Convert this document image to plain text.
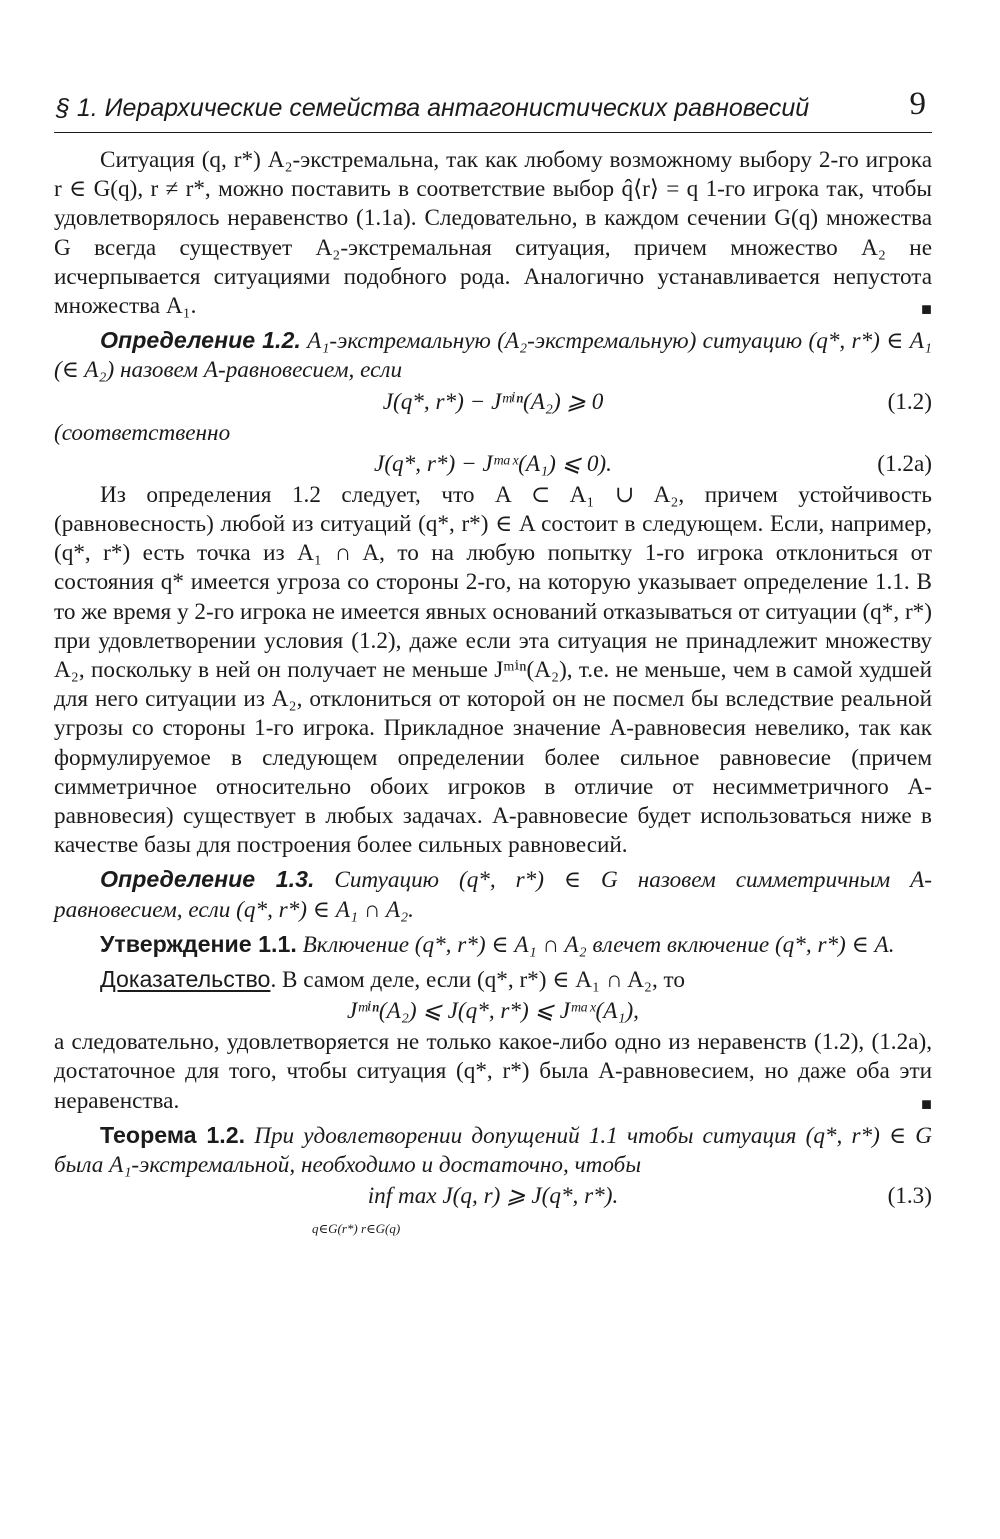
§ 1. Иерархические семейства антагонистических равновесий	9

Ситуация (q, r*) A₂-экстремальна, так как любому возможному выбору 2-го игрока r ∈ G(q), r ≠ r*, можно поставить в соответствие выбор q̂⟨r⟩ = q 1-го игрока так, чтобы удовлетворялось неравенство (1.1a). Следовательно, в каждом сечении G(q) множества G всегда существует A₂-экстремальная ситуация, причем множество A₂ не исчерпывается ситуациями подобного рода. Аналогично устанавливается непустота множества A₁. ■

Определение 1.2. A₁-экстремальную (A₂-экстремальную) ситуацию (q*, r*) ∈ A₁ (∈ A₂) назовем A-равновесием, если

J(q*, r*) − Jᵐⁱⁿ(A₂) ⩾ 0	(1.2)

(соответственно

J(q*, r*) − Jᵐᵃˣ(A₁) ⩽ 0).	(1.2a)

Из определения 1.2 следует, что A ⊂ A₁ ∪ A₂, причем устойчивость (равновесность) любой из ситуаций (q*, r*) ∈ A состоит в следующем. Если, например, (q*, r*) есть точка из A₁ ∩ A, то на любую попытку 1-го игрока отклониться от состояния q* имеется угроза со стороны 2-го, на которую указывает определение 1.1. В то же время у 2-го игрока не имеется явных оснований отказываться от ситуации (q*, r*) при удовлетворении условия (1.2), даже если эта ситуация не принадлежит множеству A₂, поскольку в ней он получает не меньше Jᵐⁱⁿ(A₂), т.е. не меньше, чем в самой худшей для него ситуации из A₂, отклониться от которой он не посмел бы вследствие реальной угрозы со стороны 1-го игрока. Прикладное значение A-равновесия невелико, так как формулируемое в следующем определении более сильное равновесие (причем симметричное относительно обоих игроков в отличие от несимметричного A-равновесия) существует в любых задачах. A-равновесие будет использоваться ниже в качестве базы для построения более сильных равновесий.

Определение 1.3. Ситуацию (q*, r*) ∈ G назовем симметричным A-равновесием, если (q*, r*) ∈ A₁ ∩ A₂.

Утверждение 1.1. Включение (q*, r*) ∈ A₁ ∩ A₂ влечет включение (q*, r*) ∈ A.

Доказательство. В самом деле, если (q*, r*) ∈ A₁ ∩ A₂, то

Jᵐⁱⁿ(A₂) ⩽ J(q*, r*) ⩽ Jᵐᵃˣ(A₁),

а следовательно, удовлетворяется не только какое-либо одно из неравенств (1.2), (1.2a), достаточное для того, чтобы ситуация (q*, r*) была A-равновесием, но даже оба эти неравенства. ■

Теорема 1.2. При удовлетворении допущений 1.1 чтобы ситуация (q*, r*) ∈ G была A₁-экстремальной, необходимо и достаточно, чтобы

inf max J(q, r) ⩾ J(q*, r*).
q∈G(r*) r∈G(q)
(1.3)
